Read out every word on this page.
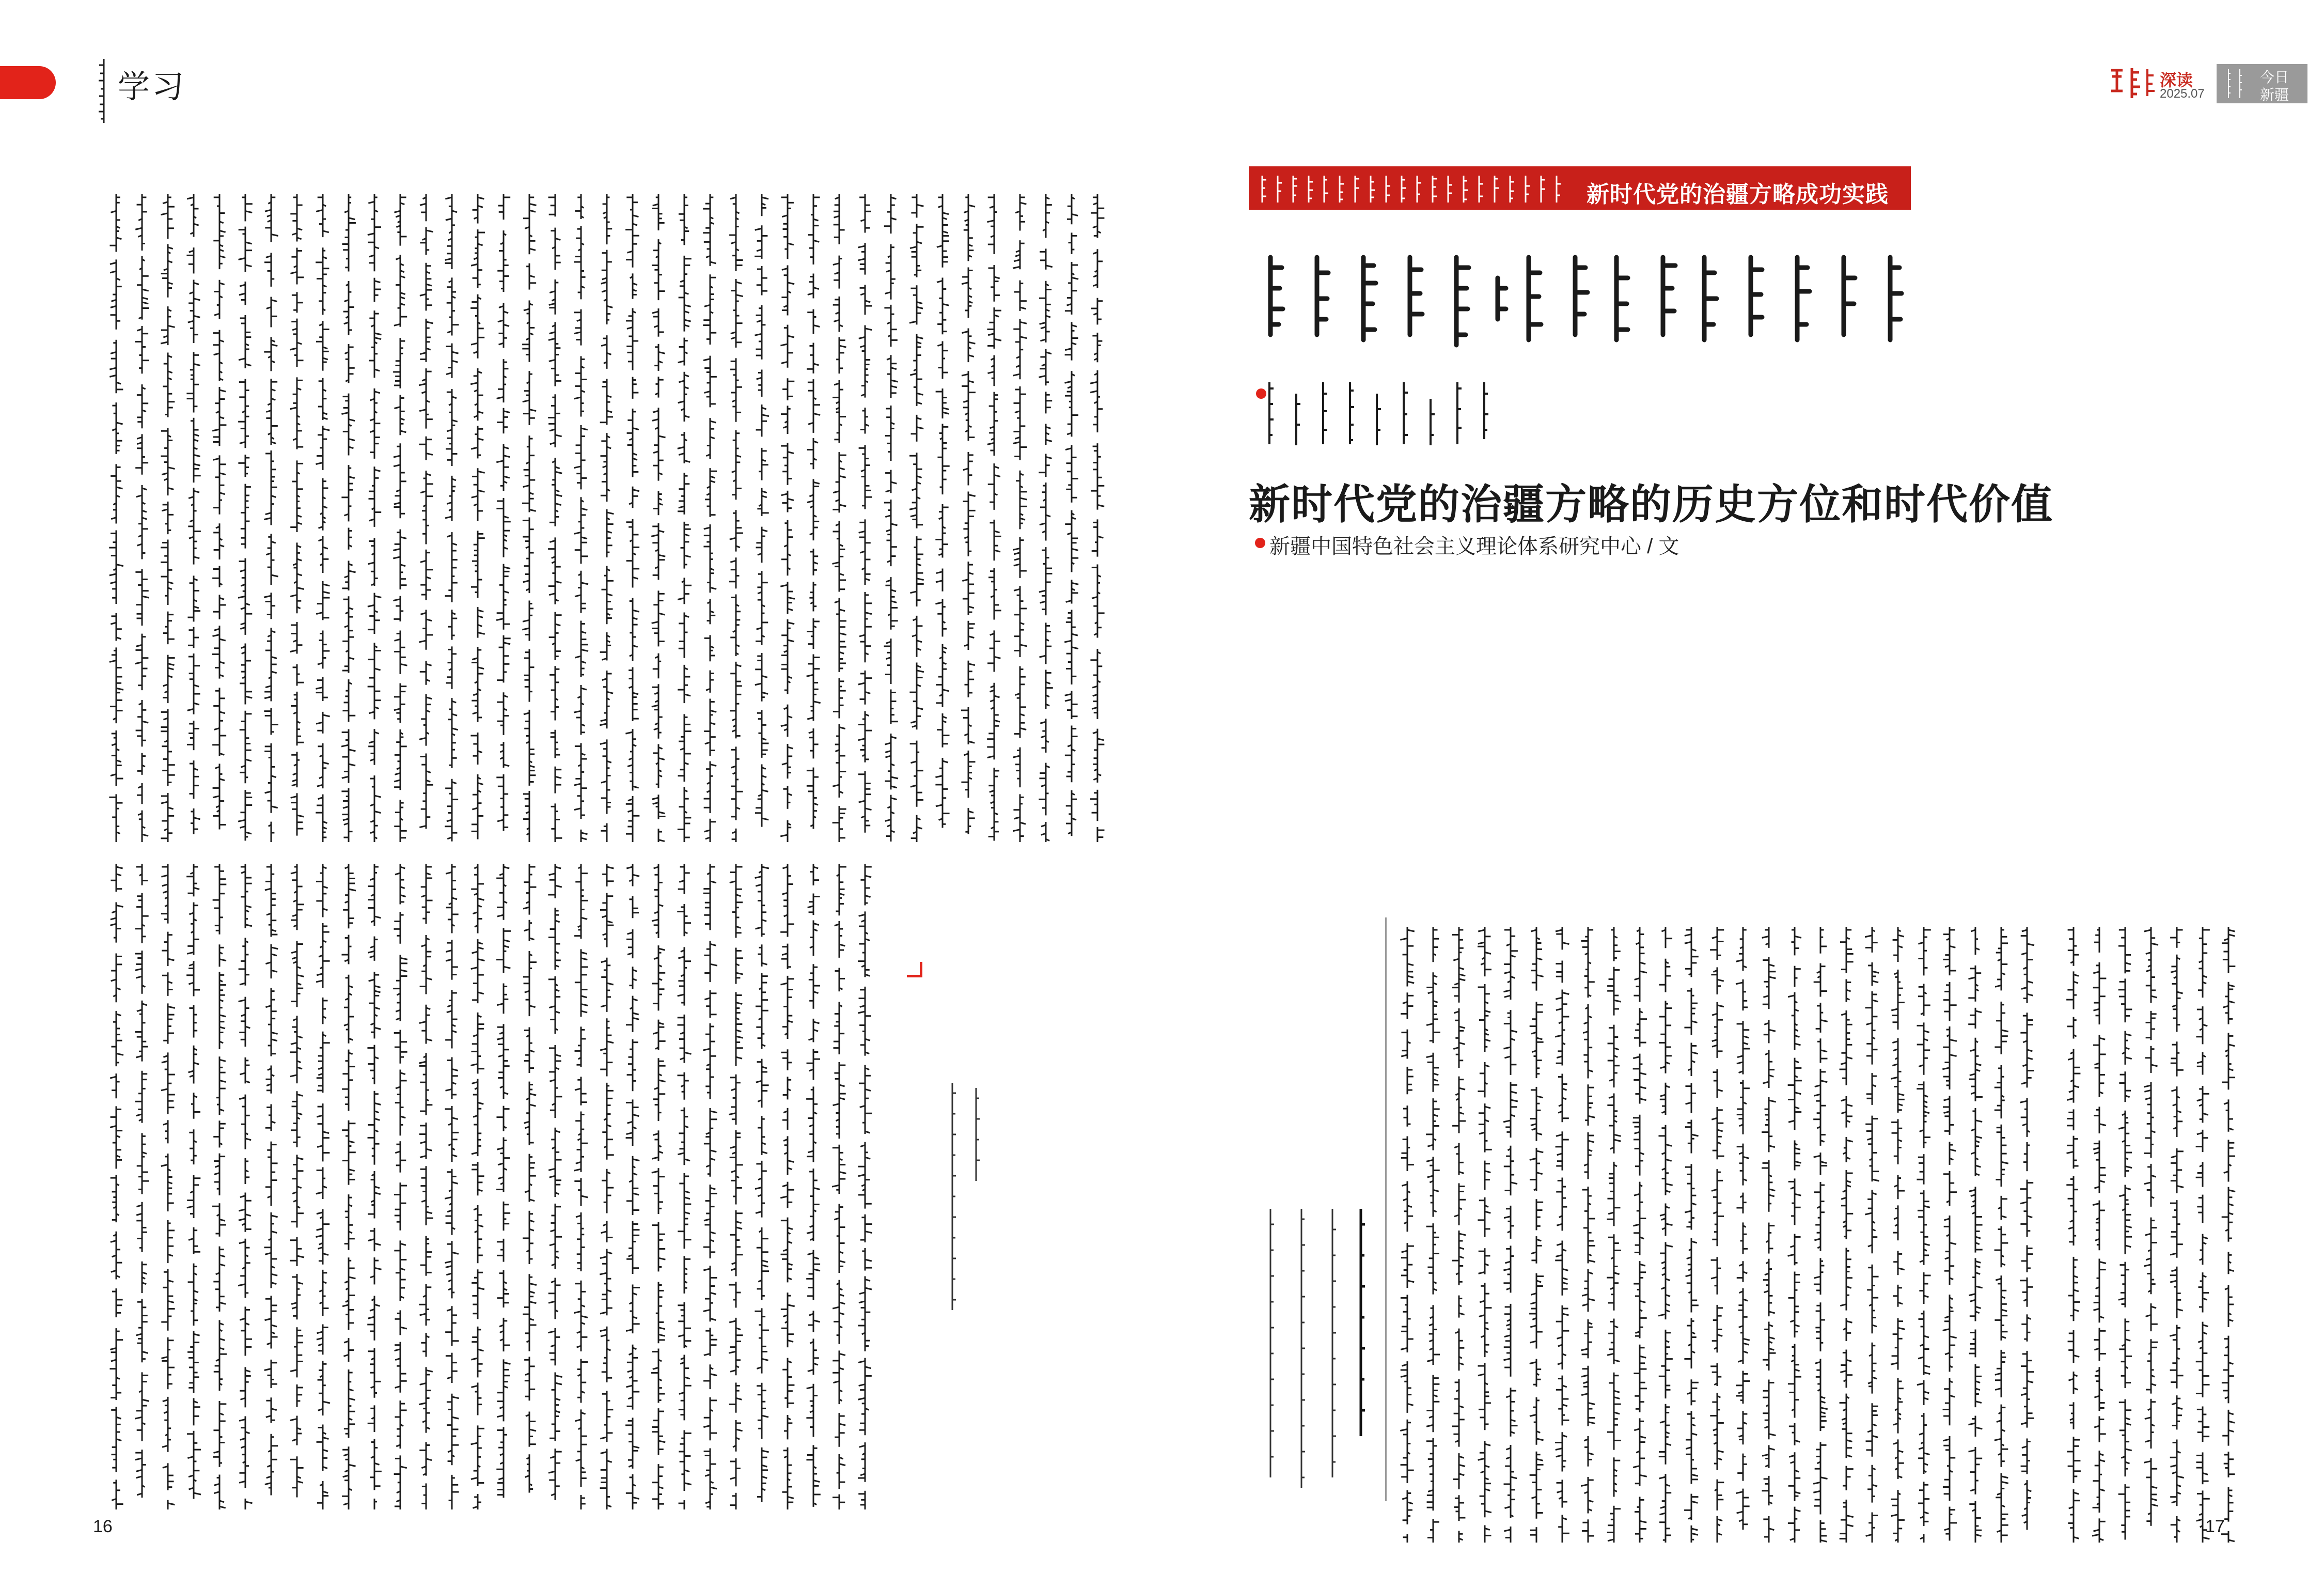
学习	深读
2025.07
今日
新疆
新时代党的治疆方略成功实践
新时代党的治疆方略的历史方位和时代价值
新疆中国特色社会主义理论体系研究中心 / 文
16	17
